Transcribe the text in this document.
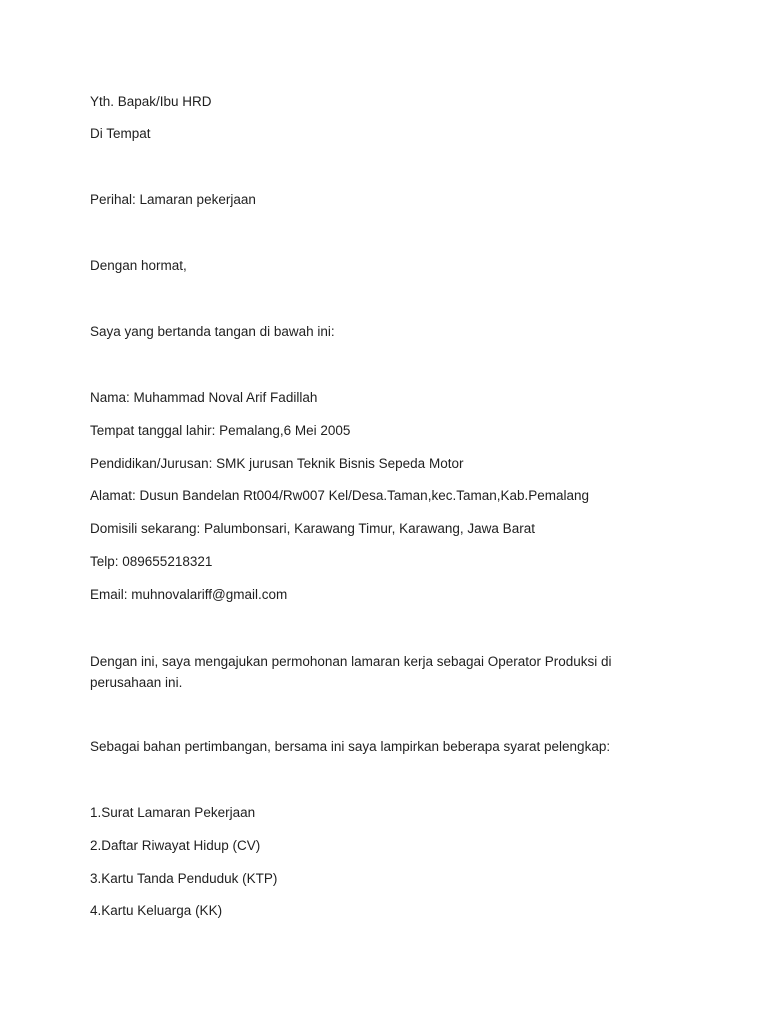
Yth. Bapak/Ibu HRD

Di Tempat

Perihal: Lamaran pekerjaan

Dengan hormat,

Saya yang bertanda tangan di bawah ini:

Nama: Muhammad Noval Arif Fadillah

Tempat tanggal lahir: Pemalang,6 Mei 2005

Pendidikan/Jurusan: SMK jurusan Teknik Bisnis Sepeda Motor

Alamat: Dusun Bandelan Rt004/Rw007 Kel/Desa.Taman,kec.Taman,Kab.Pemalang

Domisili sekarang: Palumbonsari, Karawang Timur, Karawang, Jawa Barat

Telp: 089655218321

Email: muhnovalariff@gmail.com

Dengan ini, saya mengajukan permohonan lamaran kerja sebagai Operator Produksi di perusahaan ini.

Sebagai bahan pertimbangan, bersama ini saya lampirkan beberapa syarat pelengkap:

1.Surat Lamaran Pekerjaan

2.Daftar Riwayat Hidup (CV)

3.Kartu Tanda Penduduk (KTP)

4.Kartu Keluarga (KK)
